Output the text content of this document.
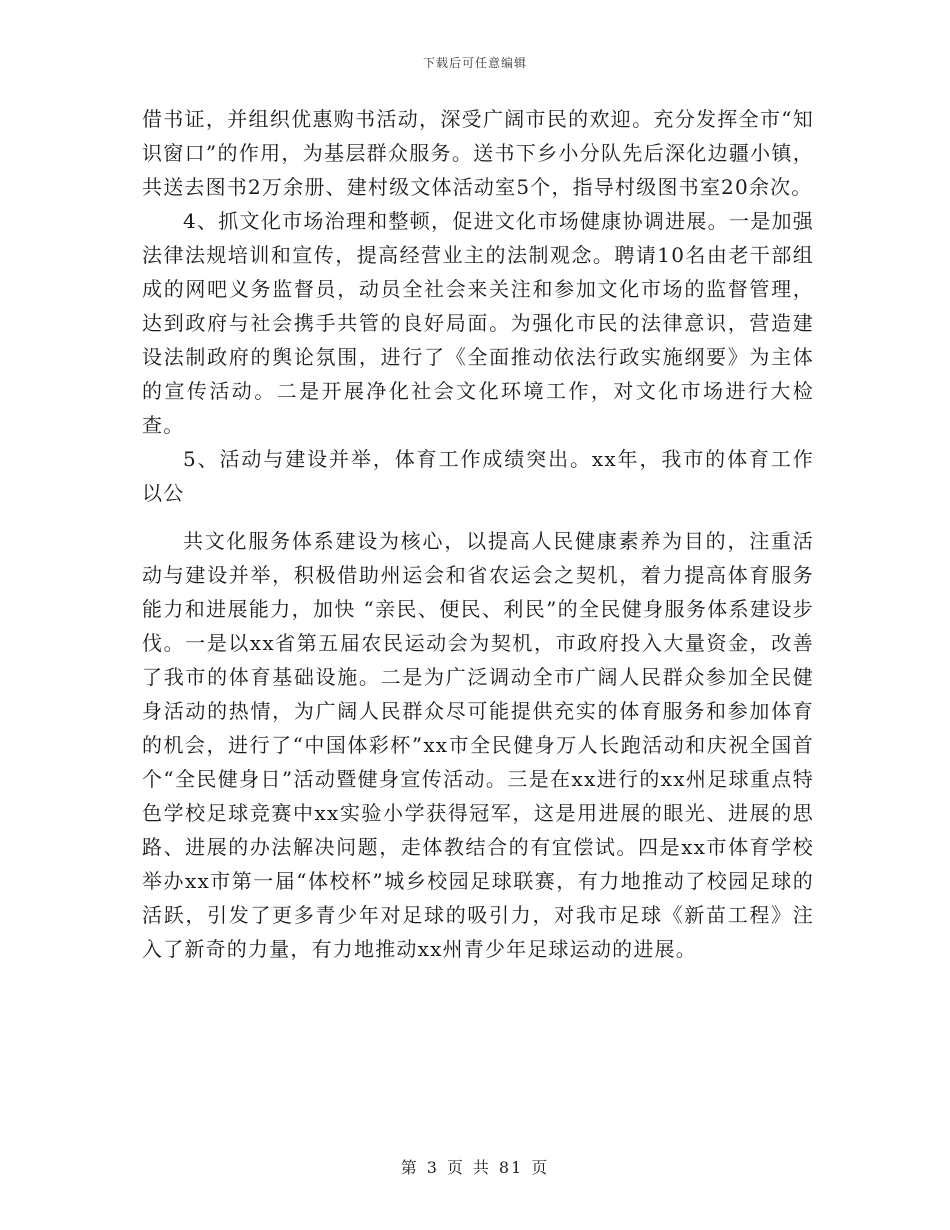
下载后可任意编辑

借书证，并组织优惠购书活动，深受广阔市民的欢迎。充分发挥全市“知识窗口”的作用，为基层群众服务。送书下乡小分队先后深化边疆小镇，共送去图书2万余册、建村级文体活动室5个，指导村级图书室20余次。

4、抓文化市场治理和整顿，促进文化市场健康协调进展。一是加强法律法规培训和宣传，提高经营业主的法制观念。聘请10名由老干部组成的网吧义务监督员，动员全社会来关注和参加文化市场的监督管理，达到政府与社会携手共管的良好局面。为强化市民的法律意识，营造建设法制政府的舆论氛围，进行了《全面推动依法行政实施纲要》为主体的宣传活动。二是开展净化社会文化环境工作，对文化市场进行大检查。

5、活动与建设并举，体育工作成绩突出。xx年，我市的体育工作以公

共文化服务体系建设为核心，以提高人民健康素养为目的，注重活动与建设并举，积极借助州运会和省农运会之契机，着力提高体育服务能力和进展能力，加快 “亲民、便民、利民”的全民健身服务体系建设步伐。一是以xx省第五届农民运动会为契机，市政府投入大量资金，改善了我市的体育基础设施。二是为广泛调动全市广阔人民群众参加全民健身活动的热情，为广阔人民群众尽可能提供充实的体育服务和参加体育的机会，进行了“中国体彩杯”xx市全民健身万人长跑活动和庆祝全国首个“全民健身日”活动暨健身宣传活动。三是在xx进行的xx州足球重点特色学校足球竞赛中xx实验小学获得冠军，这是用进展的眼光、进展的思路、进展的办法解决问题，走体教结合的有宜偿试。四是xx市体育学校举办xx市第一届“体校杯”城乡校园足球联赛，有力地推动了校园足球的活跃，引发了更多青少年对足球的吸引力，对我市足球《新苗工程》注入了新奇的力量，有力地推动xx州青少年足球运动的进展。

第 3 页 共 81 页
